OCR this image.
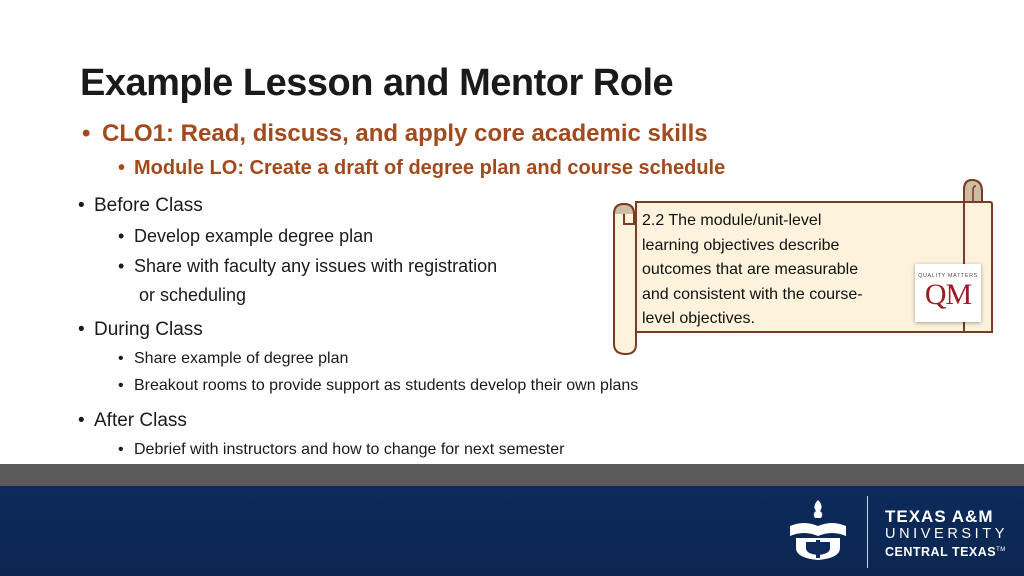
Example Lesson and Mentor Role
• CLO1: Read, discuss, and apply core academic skills
• Module LO: Create a draft of degree plan and course schedule
• Before Class
• Develop example degree plan
• Share with faculty any issues with registration
or scheduling
• During Class
• Share example of degree plan
• Breakout rooms to provide support as students develop their own plans
• After Class
• Debrief with instructors and how to change for next semester
2.2 The module/unit-level
learning objectives describe
outcomes that are measurable
and consistent with the course-
level objectives.
QUALITY MATTERS
QM
TEXAS A&M
UNIVERSITY
CENTRAL TEXAS™
